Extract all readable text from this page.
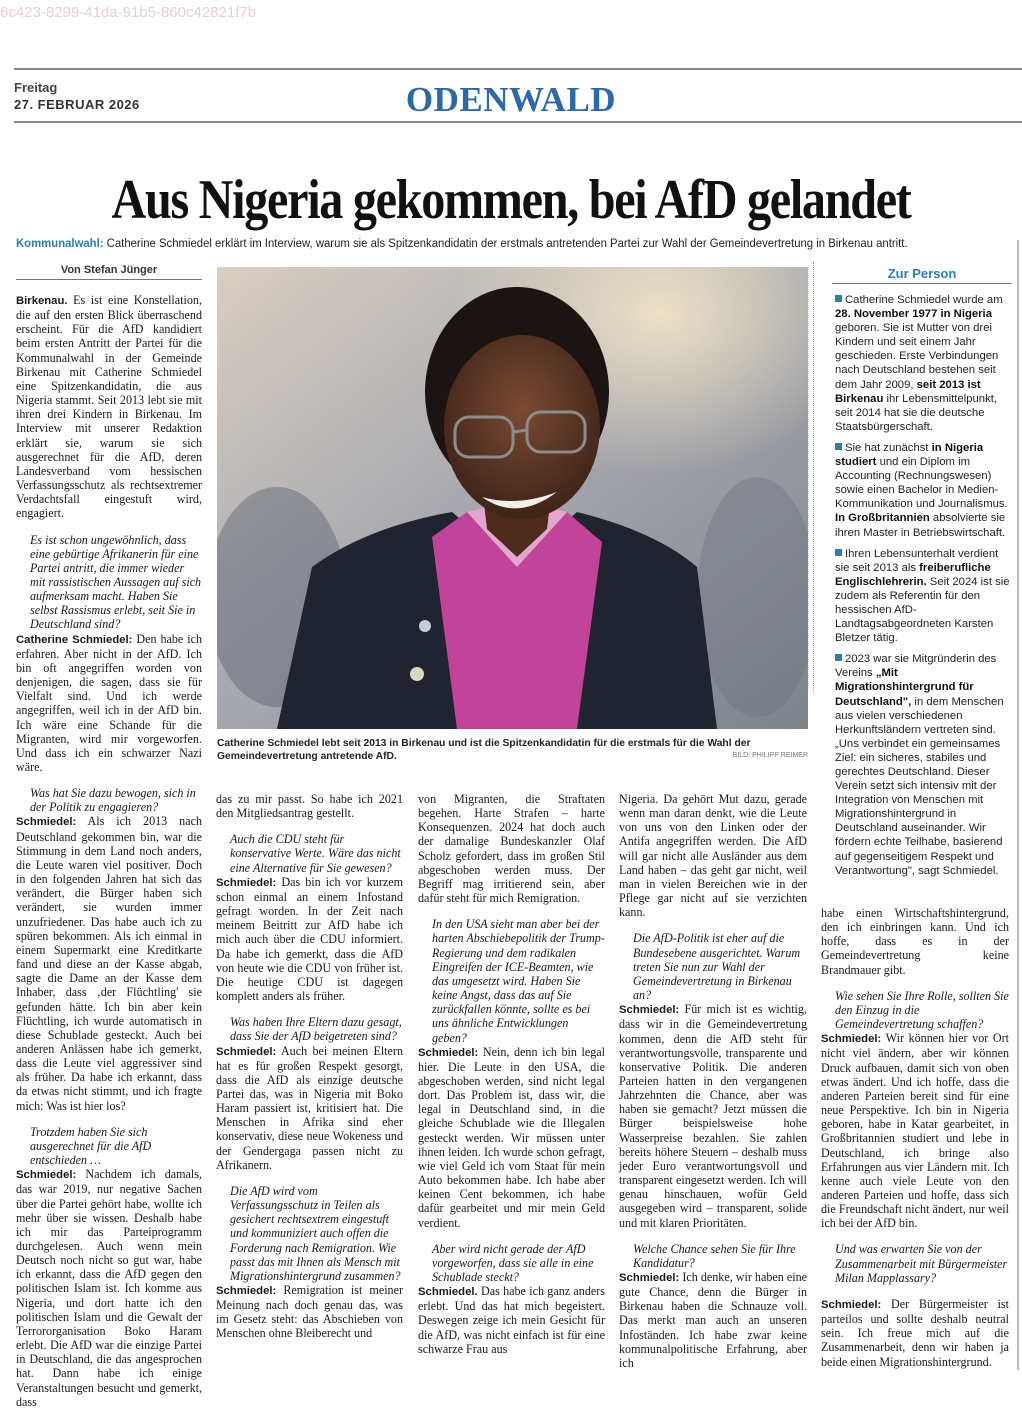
6c423-8299-41da-91b5-860c42821f7b
Freitag
27. FEBRUAR 2026	ODENWALD
Aus Nigeria gekommen, bei AfD gelandet
Kommunalwahl: Catherine Schmiedel erklärt im Interview, warum sie als Spitzenkandidatin der erstmals antretenden Partei zur Wahl der Gemeindevertretung in Birkenau antritt.
Von Stefan Jünger

Birkenau. Es ist eine Konstellation, die auf den ersten Blick überraschend erscheint. Für die AfD kandidiert beim ersten Antritt der Partei für die Kommunalwahl in der Gemeinde Birkenau mit Catherine Schmiedel eine Spitzenkandidatin, die aus Nigeria stammt. Seit 2013 lebt sie mit ihren drei Kindern in Birkenau. Im Interview mit unserer Redaktion erklärt sie, warum sie sich ausgerechnet für die AfD, deren Landesverband vom hessischen Verfassungsschutz als rechtsextremer Verdachtsfall eingestuft wird, engagiert.

Es ist schon ungewöhnlich, dass eine gebürtige Afrikanerin für eine Partei antritt, die immer wieder mit rassistischen Aussagen auf sich aufmerksam macht. Haben Sie selbst Rassismus erlebt, seit Sie in Deutschland sind?

Catherine Schmiedel: Den habe ich erfahren. Aber nicht in der AfD. Ich bin oft angegriffen worden von denjenigen, die sagen, dass sie für Vielfalt sind. Und ich werde angegriffen, weil ich in der AfD bin. Ich wäre eine Schande für die Migranten, wird mir vorgeworfen. Und dass ich ein schwarzer Nazi wäre.

Was hat Sie dazu bewogen, sich in der Politik zu engagieren?

Schmiedel: Als ich 2013 nach Deutschland gekommen bin, war die Stimmung in dem Land noch anders, die Leute waren viel positiver. Doch in den folgenden Jahren hat sich das verändert, die Bürger haben sich verändert, sie wurden immer unzufriedener. Das habe auch ich zu spüren bekommen. Als ich einmal in einem Supermarkt eine Kreditkarte fand und diese an der Kasse abgab, sagte die Dame an der Kasse dem Inhaber, dass ‚der Flüchtling' sie gefunden hätte. Ich bin aber kein Flüchtling, ich wurde automatisch in diese Schublade gesteckt. Auch bei anderen Anlässen habe ich gemerkt, dass die Leute viel aggressiver sind als früher. Da habe ich erkannt, dass da etwas nicht stimmt, und ich fragte mich: Was ist hier los?

Trotzdem haben Sie sich ausgerechnet für die AfD entschieden …

Schmiedel: Nachdem ich damals, das war 2019, nur negative Sachen über die Partei gehört habe, wollte ich mehr über sie wissen. Deshalb habe ich mir das Parteiprogramm durchgelesen. Auch wenn mein Deutsch noch nicht so gut war, habe ich erkannt, dass die AfD gegen den politischen Islam ist. Ich komme aus Nigeria, und dort hatte ich den politischen Islam und die Gewalt der Terrororganisation Boko Haram erlebt. Die AfD war die einzige Partei in Deutschland, die das angesprochen hat. Dann habe ich einige Veranstaltungen besucht und gemerkt, dass

Catherine Schmiedel lebt seit 2013 in Birkenau und ist die Spitzenkandidatin für die erstmals für die Wahl der Gemeindevertretung antretende AfD.	BILD: PHILIPP REIMER

das zu mir passt. So habe ich 2021 den Mitgliedsantrag gestellt.

Auch die CDU steht für konservative Werte. Wäre das nicht eine Alternative für Sie gewesen?

Schmiedel: Das bin ich vor kurzem schon einmal an einem Infostand gefragt worden. In der Zeit nach meinem Beitritt zur AfD habe ich mich auch über die CDU informiert. Da habe ich gemerkt, dass die AfD von heute wie die CDU von früher ist. Die heutige CDU ist dagegen komplett anders als früher.

Was haben Ihre Eltern dazu gesagt, dass Sie der AfD beigetreten sind?

Schmiedel: Auch bei meinen Eltern hat es für großen Respekt gesorgt, dass die AfD als einzige deutsche Partei das, was in Nigeria mit Boko Haram passiert ist, kritisiert hat. Die Menschen in Afrika sind eher konservativ, diese neue Wokeness und der Gendergaga passen nicht zu Afrikanern.

Die AfD wird vom Verfassungsschutz in Teilen als gesichert rechtsextrem eingestuft und kommuniziert auch offen die Forderung nach Remigration. Wie passt das mit Ihnen als Mensch mit Migrationshintergrund zusammen?

Schmiedel: Remigration ist meiner Meinung nach doch genau das, was im Gesetz steht: das Abschieben von Menschen ohne Bleiberecht und

von Migranten, die Straftaten begehen. Harte Strafen – harte Konsequenzen. 2024 hat doch auch der damalige Bundeskanzler Olaf Scholz gefordert, dass im großen Stil abgeschoben werden muss. Der Begriff mag irritierend sein, aber dafür steht für mich Remigration.

In den USA sieht man aber bei der harten Abschiebepolitik der Trump-Regierung und dem radikalen Eingreifen der ICE-Beamten, wie das umgesetzt wird. Haben Sie keine Angst, dass das auf Sie zurückfallen könnte, sollte es bei uns ähnliche Entwicklungen geben?

Schmiedel: Nein, denn ich bin legal hier. Die Leute in den USA, die abgeschoben werden, sind nicht legal dort. Das Problem ist, dass wir, die legal in Deutschland sind, in die gleiche Schublade wie die Illegalen gesteckt werden. Wir müssen unter ihnen leiden. Ich wurde schon gefragt, wie viel Geld ich vom Staat für mein Auto bekommen habe. Ich habe aber keinen Cent bekommen, ich habe dafür gearbeitet und mir mein Geld verdient.

Aber wird nicht gerade der AfD vorgeworfen, dass sie alle in eine Schublade steckt?

Schmiedel. Das habe ich ganz anders erlebt. Und das hat mich begeistert. Deswegen zeige ich mein Gesicht für die AfD, was nicht einfach ist für eine schwarze Frau aus

Nigeria. Da gehört Mut dazu, gerade wenn man daran denkt, wie die Leute von uns von den Linken oder der Antifa angegriffen werden. Die AfD will gar nicht alle Ausländer aus dem Land haben – das geht gar nicht, weil man in vielen Bereichen wie in der Pflege gar nicht auf sie verzichten kann.

Die AfD-Politik ist eher auf die Bundesebene ausgerichtet. Warum treten Sie nun zur Wahl der Gemeindevertretung in Birkenau an?

Schmiedel: Für mich ist es wichtig, dass wir in die Gemeindevertretung kommen, denn die AfD steht für verantwortungsvolle, transparente und konservative Politik. Die anderen Parteien hatten in den vergangenen Jahrzehnten die Chance, aber was haben sie gemacht? Jetzt müssen die Bürger beispielsweise hohe Wasserpreise bezahlen. Sie zahlen bereits höhere Steuern – deshalb muss jeder Euro verantwortungsvoll und transparent eingesetzt werden. Ich will genau hinschauen, wofür Geld ausgegeben wird – transparent, solide und mit klaren Prioritäten.

Welche Chance sehen Sie für Ihre Kandidatur?

Schmiedel: Ich denke, wir haben eine gute Chance, denn die Bürger in Birkenau haben die Schnauze voll. Das merkt man auch an unseren Infoständen. Ich habe zwar keine kommunalpolitische Erfahrung, aber ich

Zur Person

Catherine Schmiedel wurde am 28. November 1977 in Nigeria geboren. Sie ist Mutter von drei Kindern und seit einem Jahr geschieden. Erste Verbindungen nach Deutschland bestehen seit dem Jahr 2009, seit 2013 ist Birkenau ihr Lebensmittelpunkt, seit 2014 hat sie die deutsche Staatsbürgerschaft.

Sie hat zunächst in Nigeria studiert und ein Diplom im Accounting (Rechnungswesen) sowie einen Bachelor in Medien-Kommunikation und Journalismus. In Großbritannien absolvierte sie ihren Master in Betriebswirtschaft.

Ihren Lebensunterhalt verdient sie seit 2013 als freiberufliche Englischlehrerin. Seit 2024 ist sie zudem als Referentin für den hessischen AfD-Landtagsabgeordneten Karsten Bletzer tätig.

2023 war sie Mitgründerin des Vereins „Mit Migrationshintergrund für Deutschland", in dem Menschen aus vielen verschiedenen Herkunftsländern vertreten sind. „Uns verbindet ein gemeinsames Ziel: ein sicheres, stabiles und gerechtes Deutschland. Dieser Verein setzt sich intensiv mit der Integration von Menschen mit Migrationshintergrund in Deutschland auseinander. Wir fördern echte Teilhabe, basierend auf gegenseitigem Respekt und Verantwortung", sagt Schmiedel.

habe einen Wirtschaftshintergrund, den ich einbringen kann. Und ich hoffe, dass es in der Gemeindevertretung keine Brandmauer gibt.

Wie sehen Sie Ihre Rolle, sollten Sie den Einzug in die Gemeindevertretung schaffen?

Schmiedel: Wir können hier vor Ort nicht viel ändern, aber wir können Druck aufbauen, damit sich von oben etwas ändert. Und ich hoffe, dass die anderen Parteien bereit sind für eine neue Perspektive. Ich bin in Nigeria geboren, habe in Katar gearbeitet, in Großbritannien studiert und lebe in Deutschland, ich bringe also Erfahrungen aus vier Ländern mit. Ich kenne auch viele Leute von den anderen Parteien und hoffe, dass sich die Freundschaft nicht ändert, nur weil ich bei der AfD bin.

Und was erwarten Sie von der Zusammenarbeit mit Bürgermeister Milan Mapplassary?

Schmiedel: Der Bürgermeister ist parteilos und sollte deshalb neutral sein. Ich freue mich auf die Zusammenarbeit, denn wir haben ja beide einen Migrationshintergrund.
